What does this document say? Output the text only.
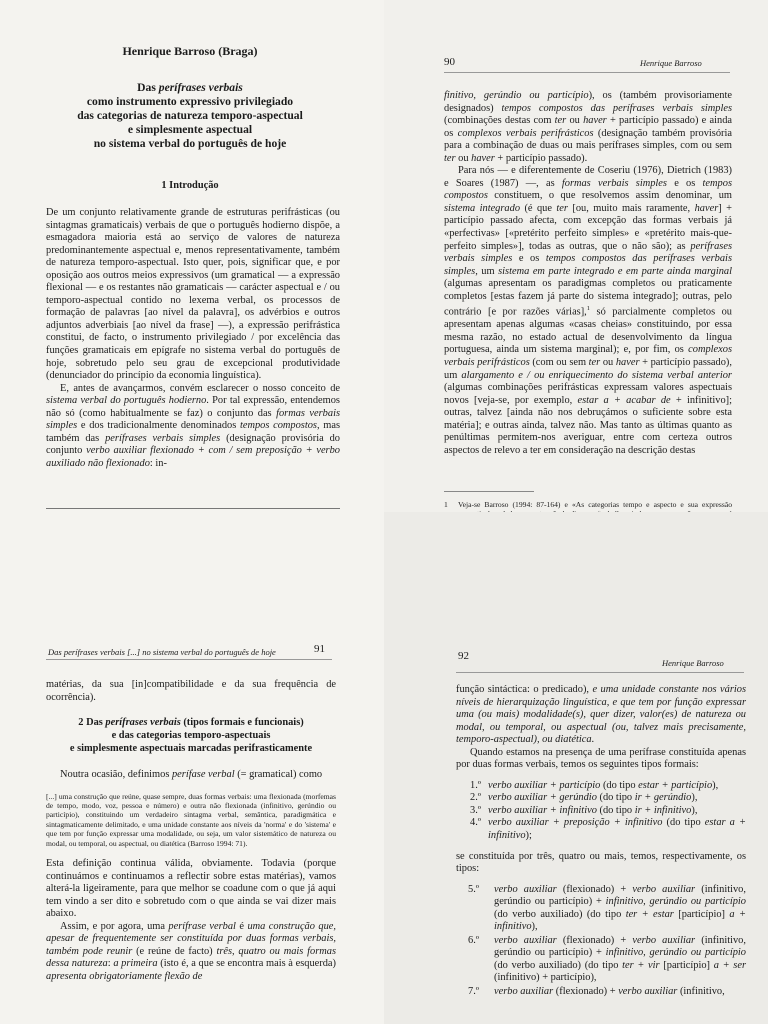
Henrique Barroso (Braga)
Das perífrases verbais
como instrumento expressivo privilegiado
das categorias de natureza temporo-aspectual
e simplesmente aspectual
no sistema verbal do português de hoje
1 Introdução

De um conjunto relativamente grande de estruturas perifrásticas (ou sintagmas gramaticais) verbais de que o português hodierno dispõe, a esmagadora maioria está ao serviço de valores de natureza predominantemente aspectual e, menos representativamente, também de natureza temporo-aspectual. Isto quer, pois, significar que, e por oposição aos outros meios expressivos (um gramatical — a expressão flexional — e os restantes não gramaticais — carácter aspectual e / ou temporo-aspectual contido no lexema verbal, os processos de formação de palavras [ao nível da palavra], os advérbios e outros adjuntos adverbiais [ao nível da frase] —), a expressão perifrástica constitui, de facto, o instrumento privilegiado / por excelência das funções gramaticais em epígrafe no sistema verbal do português de hoje, sobretudo pelo seu grau de excepcional produtividade (denunciador do princípio da economia linguística).

E, antes de avançarmos, convém esclarecer o nosso conceito de sistema verbal do português hodierno. Por tal expressão, entendemos não só (como habitualmente se faz) o conjunto das formas verbais simples e dos tradicionalmente denominados tempos compostos, mas também das perífrases verbais simples (designação provisória do conjunto verbo auxiliar flexionado + com / sem preposição + verbo auxiliado não flexionado: in-

90	Henrique Barroso

finitivo, gerúndio ou particípio), os (também provisoriamente designados) tempos compostos das perífrases verbais simples (combinações destas com ter ou haver + particípio passado) e ainda os complexos verbais perifrásticos (designação também provisória para a combinação de duas ou mais perífrases simples, com ou sem ter ou haver + particípio passado).

Para nós — e diferentemente de Coseriu (1976), Dietrich (1983) e Soares (1987) —, as formas verbais simples e os tempos compostos constituem, o que resolvemos assim denominar, um sistema integrado (é que ter [ou, muito mais raramente, haver] + particípio passado afecta, com excepção das formas verbais já «perfectivas» [«pretérito perfeito simples» e «pretérito mais-que-perfeito simples»], todas as outras, que o não são); as perífrases verbais simples e os tempos compostos das perífrases verbais simples, um sistema em parte integrado e em parte ainda marginal (algumas apresentam os paradigmas completos ou praticamente completos [estas fazem já parte do sistema integrado]; outras, pelo contrário [e por razões várias],$^1$ só parcialmente completos ou apresentam apenas algumas «casas cheias» constituindo, por essa mesma razão, no estado actual de desenvolvimento da língua portuguesa, ainda um sistema marginal); e, por fim, os complexos verbais perifrásticos (com ou sem ter ou haver + particípio passado), um alargamento e / ou enriquecimento do sistema verbal anterior (algumas combinações perifrásticas expressam valores aspectuais novos [veja-se, por exemplo, estar a + acabar de + infinitivo]; outras, talvez [ainda não nos debruçámos o suficiente sobre esta matéria]; e outras ainda, talvez não. Mas tanto as últimas quanto as penúltimas permitem-nos averiguar, entre com certeza outros aspectos de relevo a ter em consideração na descrição destas

1 Veja-se Barroso (1994: 87-164) e «As categorias tempo e aspecto e sua expressão
Das perífrases verbais [...] no sistema verbal do português de hoje	91

matérias, da sua [in]compatibilidade e da sua frequência de ocorrência).

2 Das perífrases verbais (tipos formais e funcionais)
e das categorias temporo-aspectuais
e simplesmente aspectuais marcadas perifrasticamente

Noutra ocasião, definimos perífase verbal (= gramatical) como

[...] uma construção que reúne, quase sempre, duas formas verbais: uma flexionada (morfemas de tempo, modo, voz, pessoa e número) e outra não flexionada (infinitivo, gerúndio ou particípio), constituindo um verdadeiro sintagma verbal, semântica, paradigmática e sintagmaticamente delimitado, e uma unidade constante aos níveis da 'norma' e do 'sistema' e que tem por função expressar uma modalidade, ou seja, um valor sistemático de natureza ou modal, ou temporal, ou aspectual, ou diatética (Barroso 1994: 71).

Esta definição continua válida, obviamente. Todavia (porque continuámos e continuamos a reflectir sobre estas matérias), vamos alterá-la ligeiramente, para que melhor se coadune com o que já aqui tem vindo a ser dito e sobretudo com o que ainda se vai dizer mais abaixo.

Assim, e por agora, uma perífrase verbal é uma construção que, apesar de frequentemente ser constituída por duas formas verbais, também pode reunir (e reúne de facto) três, quatro ou mais formas dessa natureza: a primeira (isto é, a que se encontra mais à esquerda) apresenta obrigatoriamente flexão de

92
Henrique Barroso

função sintáctica: o predicado), e uma unidade constante nos vários níveis de hierarquização linguística, e que tem por função expressar uma (ou mais) modalidade(s), quer dizer, valor(es) de natureza ou modal, ou temporal, ou aspectual (ou, talvez mais precisamente, temporo-aspectual), ou diatética.

Quando estamos na presença de uma perífrase constituída apenas por duas formas verbais, temos os seguintes tipos formais:

1.º verbo auxiliar + particípio (do tipo estar + particípio),
2.º verbo auxiliar + gerúndio (do tipo ir + gerúndio),
3.º verbo auxiliar + infinitivo (do tipo ir + infinitivo),
4.º verbo auxiliar + preposição + infinitivo (do tipo estar a + infinitivo);

se constituída por três, quatro ou mais, temos, respectivamente, os tipos:

5.º verbo auxiliar (flexionado) + verbo auxiliar (infinitivo, gerúndio ou particípio) + infinitivo, gerúndio ou particípio (do verbo auxiliado) (do tipo ter + estar [particípio] a + infinitivo),
6.º verbo auxiliar (flexionado) + verbo auxiliar (infinitivo, gerúndio ou particípio) + infinitivo, gerúndio ou particípio (do verbo auxiliado) (do tipo ter + vir [particípio] a + ser (infinitivo) + particípio),
7.º verbo auxiliar (flexionado) + verbo auxiliar (infinitivo,
